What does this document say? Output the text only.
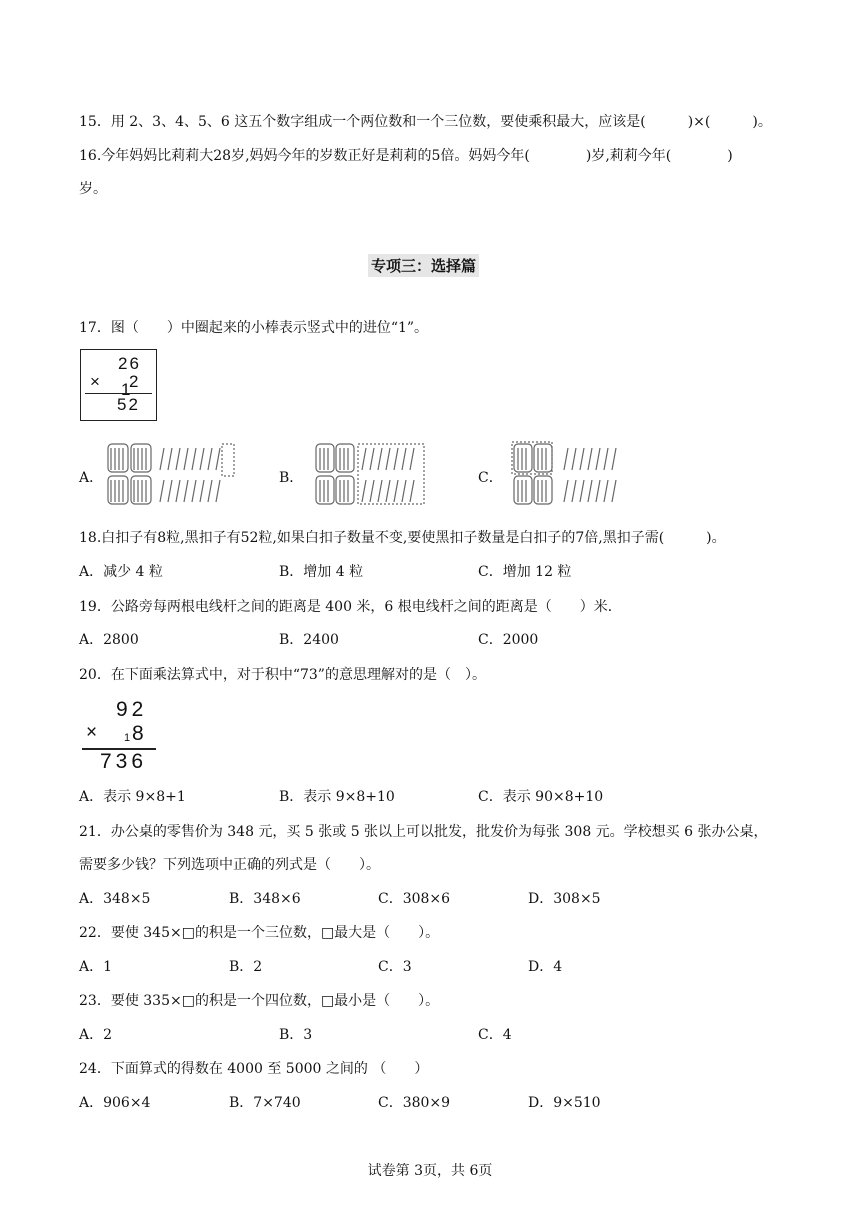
15．用 2、3、4、5、6 这五个数字组成一个两位数和一个三位数，要使乘积最大，应该是(　　　)×(　　　)。
16.今年妈妈比莉莉大28岁,妈妈今年的岁数正好是莉莉的5倍。妈妈今年(　　　　)岁,莉莉今年(　　　　)
岁。
专项三：选择篇
17．图（　　）中圈起来的小棒表示竖式中的进位“1”。
26
× 1
2
52
A．	B．	C．
18.白扣子有8粒,黑扣子有52粒,如果白扣子数量不变,要使黑扣子数量是白扣子的7倍,黑扣子需(　　　)。
A．减少 4 粒	B．增加 4 粒	C．增加 12 粒
19．公路旁每两根电线杆之间的距离是 400 米，6 根电线杆之间的距离是（　　）米．
A．2800	B．2400	C．2000
20．在下面乘法算式中，对于积中“73”的意思理解对的是（　）。
92
× 1 8
736
A．表示 9×8+1	B．表示 9×8+10	C．表示 90×8+10
21．办公桌的零售价为 348 元，买 5 张或 5 张以上可以批发，批发价为每张 308 元。学校想买 6 张办公桌，
需要多少钱？下列选项中正确的列式是（　　）。
A．348×5	B．348×6	C．308×6	D．308×5
22．要使 345×□的积是一个三位数，□最大是（　　）。
A．1	B．2	C．3	D．4
23．要使 335×□的积是一个四位数，□最小是（　　）。
A．2	B．3	C．4
24．下面算式的得数在 4000 至 5000 之间的 （　　）
A．906×4	B．7×740	C．380×9	D．9×510
试卷第 3页，共 6页
